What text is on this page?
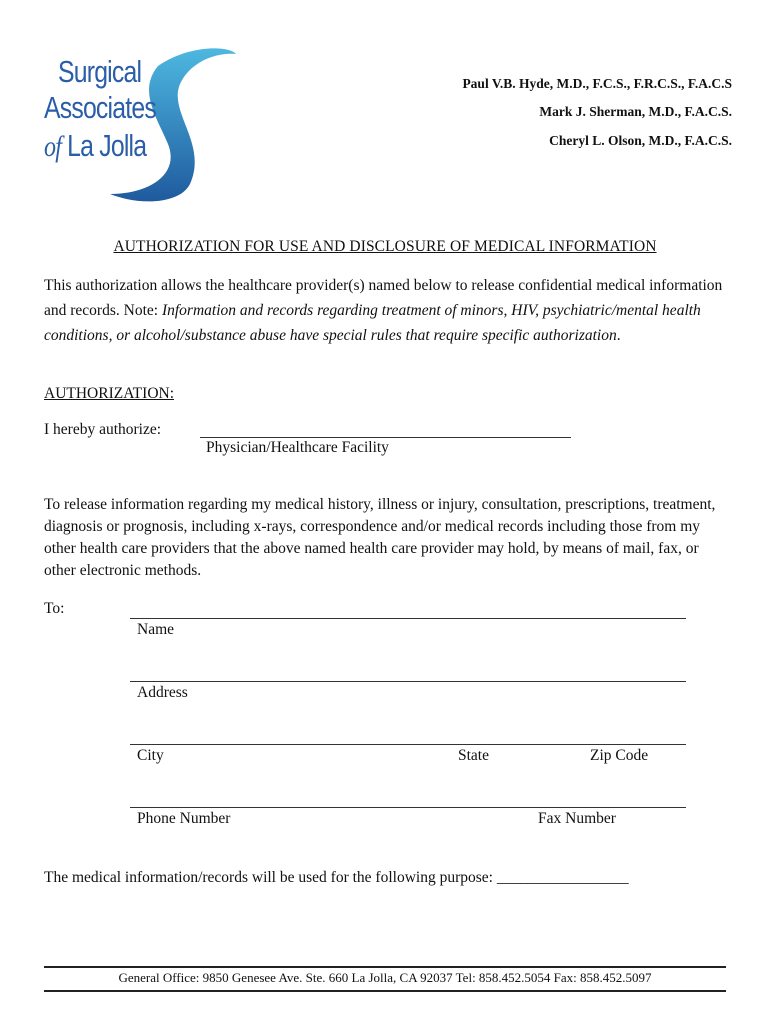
Surgical
Associates
of La Jolla
Paul V.B. Hyde, M.D., F.C.S., F.R.C.S., F.A.C.S
Mark J. Sherman, M.D., F.A.C.S.
Cheryl L. Olson, M.D., F.A.C.S.
AUTHORIZATION FOR USE AND DISCLOSURE OF MEDICAL INFORMATION
This authorization allows the healthcare provider(s) named below to release confidential medical information and records. Note: Information and records regarding treatment of minors, HIV, psychiatric/mental health conditions, or alcohol/substance abuse have special rules that require specific authorization.
AUTHORIZATION:
I hereby authorize:
Physician/Healthcare Facility
To release information regarding my medical history, illness or injury, consultation, prescriptions, treatment, diagnosis or prognosis, including x-rays, correspondence and/or medical records including those from my other health care providers that the above named health care provider may hold, by means of mail, fax, or other electronic methods.
To:
Name
Address
City	State	Zip Code
Phone Number	Fax Number
The medical information/records will be used for the following purpose: _________________
General Office: 9850 Genesee Ave. Ste. 660 La Jolla, CA 92037 Tel: 858.452.5054 Fax: 858.452.5097
